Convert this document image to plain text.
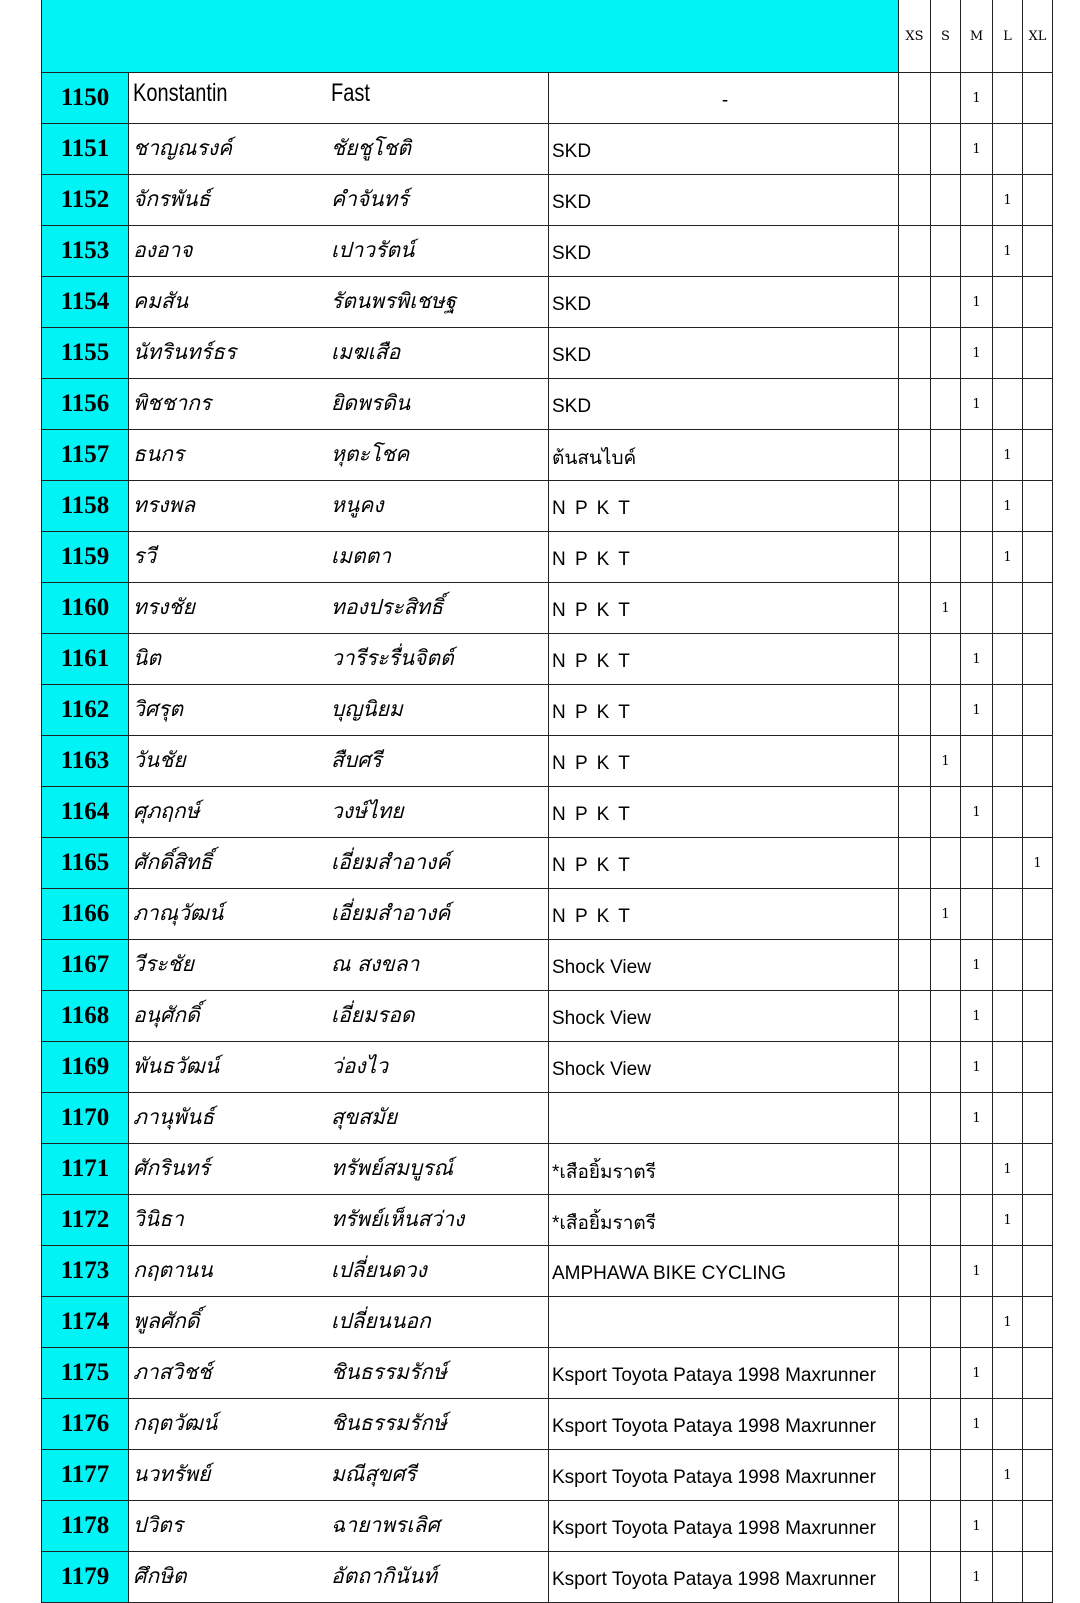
			XS	S	M	L	XL
1150	Konstantin Fast	-			1		
1151	ชาญณรงค์ ชัยชูโชติ	SKD			1		
1152	จักรพันธ์ คำจันทร์	SKD				1	
1153	องอาจ เปาวรัตน์	SKD				1	
1154	คมสัน รัตนพรพิเชษฐ	SKD			1		
1155	นัทรินทร์ธร เมฆเสือ	SKD			1		
1156	พิชชากร ยิดพรดิน	SKD			1		
1157	ธนกร หุตะโชค	ต้นสนไบค์				1	
1158	ทรงพล หนูคง	N P K T				1	
1159	รวี เมตตา	N P K T				1	
1160	ทรงชัย ทองประสิทธิ์	N P K T		1			
1161	นิต วารีระรื่นจิตต์	N P K T			1		
1162	วิศรุต บุญนิยม	N P K T			1		
1163	วันชัย สืบศรี	N P K T		1			
1164	ศุภฤกษ์ วงษ์ไทย	N P K T			1		
1165	ศักดิ์สิทธิ์ เอี่ยมสำอางค์	N P K T					1
1166	ภาณุวัฒน์ เอี่ยมสำอางค์	N P K T		1			
1167	วีระชัย ณ สงขลา	Shock View			1		
1168	อนุศักดิ์ เอี่ยมรอด	Shock View			1		
1169	พันธวัฒน์ ว่องไว	Shock View			1		
1170	ภานุพันธ์ สุขสมัย				1		
1171	ศักรินทร์ ทรัพย์สมบูรณ์	*เสือยิ้มราตรี				1	
1172	วินิธา ทรัพย์เห็นสว่าง	*เสือยิ้มราตรี				1	
1173	กฤตานน เปลี่ยนดวง	AMPHAWA BIKE CYCLING			1		
1174	พูลศักดิ์ เปลี่ยนนอก					1	
1175	ภาสวิชช์ ชินธรรมรักษ์	Ksport Toyota Pataya 1998 Maxrunner			1		
1176	กฤตวัฒน์ ชินธรรมรักษ์	Ksport Toyota Pataya 1998 Maxrunner			1		
1177	นวทรัพย์ มณีสุขศรี	Ksport Toyota Pataya 1998 Maxrunner				1	
1178	ปวิตร ฉายาพรเลิศ	Ksport Toyota Pataya 1998 Maxrunner			1		
1179	ศึกษิต อัตถากินันท์	Ksport Toyota Pataya 1998 Maxrunner			1		
